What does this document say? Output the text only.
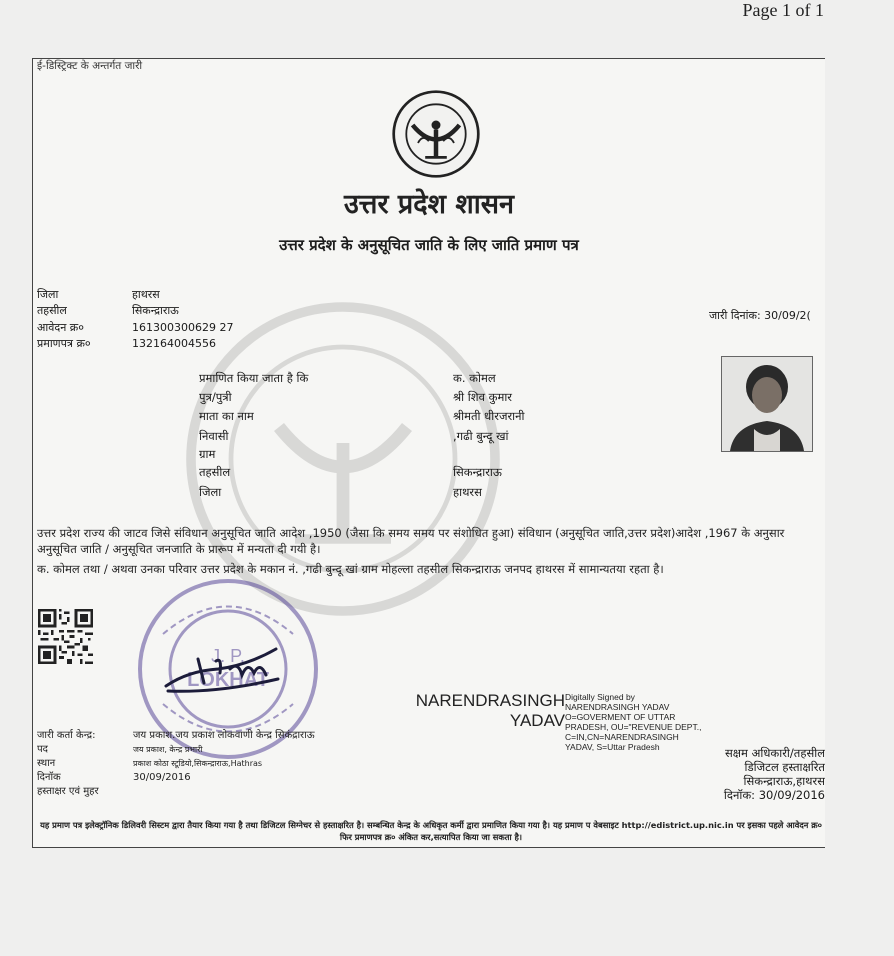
Page 1 of 1
ई-डिस्ट्रिक्ट के अन्तर्गत जारी
उत्तर प्रदेश शासन
उत्तर प्रदेश के अनुसूचित जाति के लिए जाति प्रमाण पत्र
जिला	हाथरस
तहसील	सिकन्द्राराऊ
आवेदन क्र०	161300300629 27
प्रमाणपत्र क्र०	132164004556
जारी दिनांक: 30/09/2(
प्रमाणित किया जाता है कि	क. कोमल
पुत्र/पुत्री	श्री शिव कुमार
माता का नाम	श्रीमती धीरजरानी
निवासी	,गढी बुन्दू खां
ग्राम
तहसील	सिकन्द्राराऊ
जिला	हाथरस
उत्तर प्रदेश राज्य की जाटव जिसे संविधान अनुसूचित जाति आदेश ,1950 (जैसा कि समय समय पर संशोधित हुआ) संविधान (अनुसूचित जाति,उत्तर प्रदेश)आदेश ,1967 के अनुसार अनुसूचित जाति / अनुसूचित जनजाति के प्रारूप में मन्यता दी गयी है।
क. कोमल तथा / अथवा उनका परिवार उत्तर प्रदेश के मकान नं. ,गढी बुन्दू खां ग्राम मोहल्ला तहसील सिकन्द्राराऊ जनपद हाथरस में सामान्यतया रहता है।
J. P.
LOKHAT
NARENDRASINGH YADAV
Digitally Signed by NARENDRASINGH YADAV O=GOVERMENT OF UTTAR PRADESH, OU="REVENUE DEPT., C=IN,CN=NARENDRASINGH YADAV, S=Uttar Pradesh	सक्षम अधिकारी/तहसील
डिजिटल हस्ताक्षरित
सिकन्द्राराऊ,हाथरस
दिनॉक: 30/09/2016
जारी कर्ता केन्द्र:	जय प्रकाश.जय प्रकाश लोकवाणी केन्द्र सिकंद्राराऊ
पद	जय प्रकाश, केन्द्र प्रभारी
स्थान	प्रकाश कोठा स्टूडियो,सिकन्द्राराऊ,Hathras
दिनॉक	30/09/2016
हस्ताक्षर एवं मुहर
यह प्रमाण पत्र इलेक्ट्रॉनिक डिलिवरी सिस्टम द्वारा तैयार किया गया है तथा डिजिटल सिग्नेचर से हस्ताक्षरित है। सम्बन्धित केन्द्र के अधिकृत कर्मी द्वारा प्रमाणित किया गया है। यह प्रमाण प वेबसाइट http://edistrict.up.nic.in पर इसका पहले आवेदन क्र० फिर प्रमाणपत्र क्र० अंकित कर,सत्यापित किया जा सकता है।
